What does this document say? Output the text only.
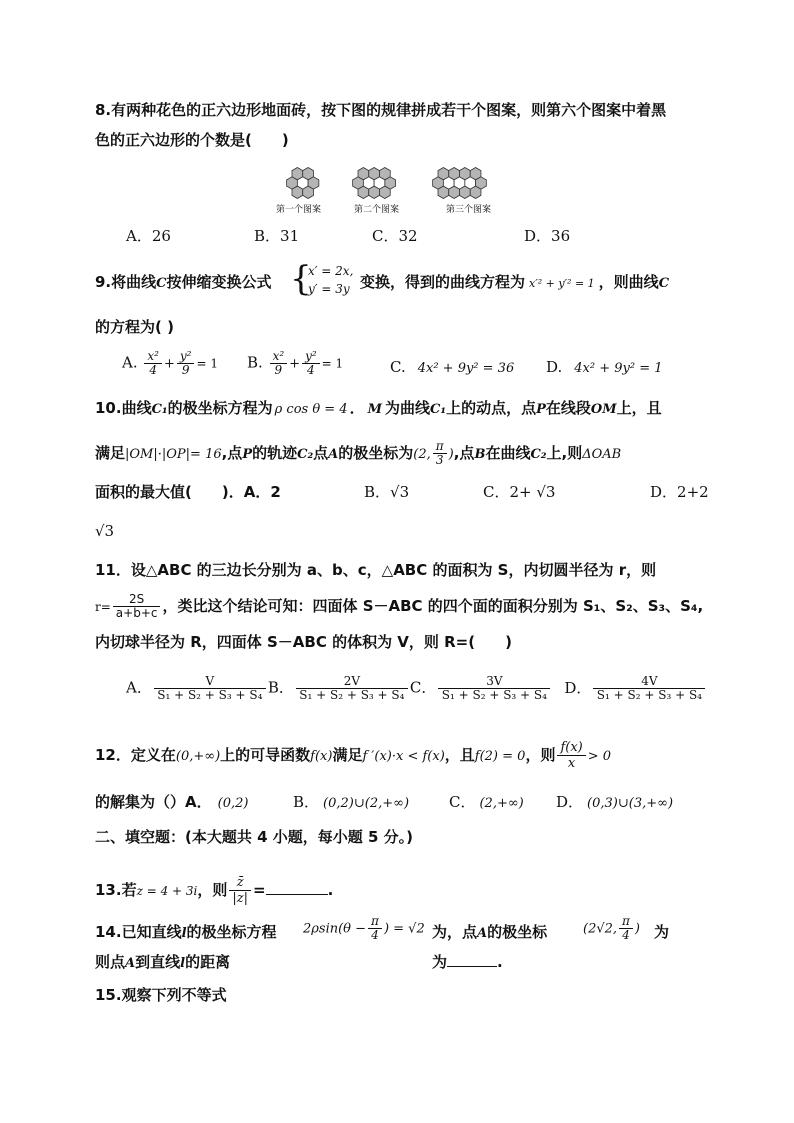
8.有两种花色的正六边形地面砖，按下图的规律拼成若干个图案，则第六个图案中着黑
色的正六边形的个数是(　　)
第一个图案	第二个图案	第三个图案
A．26	B．31	C．32	D．36
9.将曲线C按伸缩变换公式 {
x′ = 2x,
y′ = 3y 变换，得到的曲线方程为 x′² + y′² = 1 ，则曲线C
的方程为( )
A. $\frac{\text{x²}}{4} + \frac{\text{y²}}{9} = 1$ B. $\frac{\text{x²}}{9} + \frac{\text{y²}}{4} = 1$	C. 4x² + 9y² = 36 D. 4x² + 9y² = 1
10.曲线C₁的极坐标方程为 ρ cos θ = 4 ． M 为曲线C₁上的动点，点P在线段OM上，且
满足|OM|·|OP|= 16,点P的轨迹C₂点A的极坐标为(2, $\frac{\pi}{3}$ ),点B在曲线C₂上,则ΔOAB
面积的最大值(　　)．A．2	B．√3	C．2+ √3	D．2+2
√3
11．设△ABC 的三边长分别为 a、b、c，△ABC 的面积为 S，内切圆半径为 r，则
$r= \frac{2S}{a+b+c}$ ，类比这个结论可知：四面体 S－ABC 的四个面的面积分别为 S₁、S₂、S₃、S₄,
内切球半径为 R，四面体 S－ABC 的体积为 V，则 R=(　　)
A． $\frac{V}{\text{S₁ + S₂ + S₃ + S₄}}$ B． $\frac{2V}{\text{S₁ + S₂ + S₃ + S₄}}$ C． $\frac{3V}{\text{S₁ + S₂ + S₃ + S₄}}$ D． $\frac{4V}{\text{S₁ + S₂ + S₃ + S₄}}$
12．定义在(0,+∞)上的可导函数f(x)满足f ′(x)·x < f(x)，且f(2) = 0，则 $\frac{f(x)}{x} > 0$
的解集为（）A． (0,2)	B． (0,2)∪(2,+∞)	C． (2,+∞) D． (0,3)∪(3,+∞)
二、填空题：(本大题共 4 小题，每小题 5 分。)
13.若z = 4 + 3i，则 $\frac{z̄}{|z|}$ =	.
14.已知直线l的极坐标方程 $2\rho\sin(\theta - \frac{\pi}{4}$ ) = √2 为，点A的极坐标	(2√2, $\frac{\pi}{4}$ ) 为
则点A到直线l的距离	为	.
15.观察下列不等式
